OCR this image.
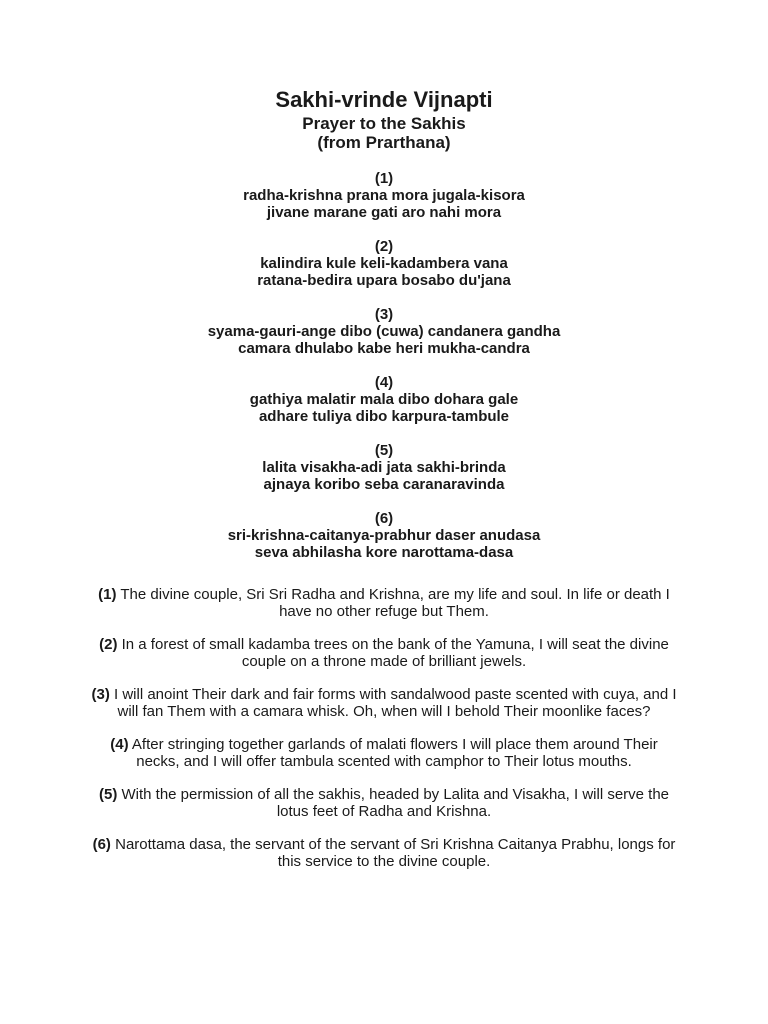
Sakhi-vrinde Vijnapti
Prayer to the Sakhis
(from Prarthana)
(1)
radha-krishna prana mora jugala-kisora
jivane marane gati aro nahi mora
(2)
kalindira kule keli-kadambera vana
ratana-bedira upara bosabo du'jana
(3)
syama-gauri-ange dibo (cuwa) candanera gandha
camara dhulabo kabe heri mukha-candra
(4)
gathiya malatir mala dibo dohara gale
adhare tuliya dibo karpura-tambule
(5)
lalita visakha-adi jata sakhi-brinda
ajnaya koribo seba caranaravinda
(6)
sri-krishna-caitanya-prabhur daser anudasa
seva abhilasha kore narottama-dasa

(1) The divine couple, Sri Sri Radha and Krishna, are my life and soul. In life or death I have no other refuge but Them.

(2) In a forest of small kadamba trees on the bank of the Yamuna, I will seat the divine couple on a throne made of brilliant jewels.

(3) I will anoint Their dark and fair forms with sandalwood paste scented with cuya, and I will fan Them with a camara whisk. Oh, when will I behold Their moonlike faces?

(4) After stringing together garlands of malati flowers I will place them around Their necks, and I will offer tambula scented with camphor to Their lotus mouths.

(5) With the permission of all the sakhis, headed by Lalita and Visakha, I will serve the lotus feet of Radha and Krishna.

(6) Narottama dasa, the servant of the servant of Sri Krishna Caitanya Prabhu, longs for this service to the divine couple.
